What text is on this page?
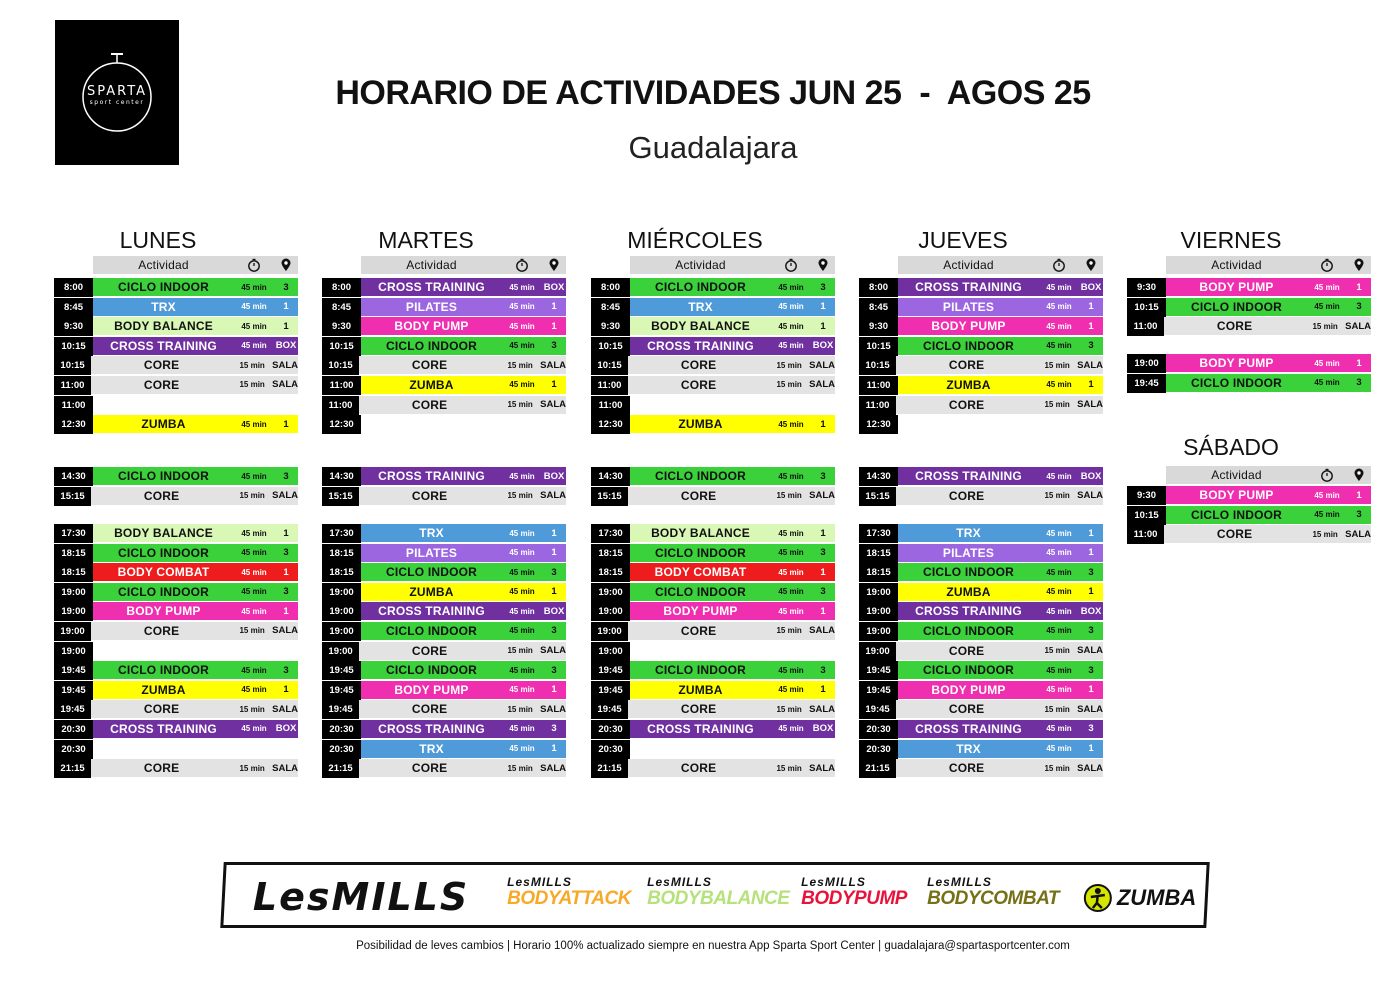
SPARTA
sport center	HORARIO DE ACTIVIDADES JUN 25  -  AGOS 25
Guadalajara
LUNES
Actividad
8:00	CICLO INDOOR	45 min	3
8:45	TRX	45 min	1
9:30	BODY BALANCE	45 min	1
10:15	CROSS TRAINING	45 min BOX
10:15	CORE	15 min SALA
11:00	CORE	15 min SALA
11:00
12:30	ZUMBA	45 min	1
14:30	CICLO INDOOR	45 min	3
15:15	CORE	15 min SALA
17:30	BODY BALANCE	45 min	1
18:15	CICLO INDOOR	45 min	3
18:15	BODY COMBAT	45 min	1
19:00	CICLO INDOOR	45 min	3
19:00	BODY PUMP	45 min	1
19:00	CORE	15 min SALA
19:00
19:45	CICLO INDOOR	45 min	3
19:45	ZUMBA	45 min	1
19:45	CORE	15 min SALA
20:30	CROSS TRAINING	45 min BOX
20:30
21:15	CORE	15 min SALA
MARTES
Actividad
8:00	CROSS TRAINING	45 min BOX
8:45	PILATES	45 min	1
9:30	BODY PUMP	45 min	1
10:15	CICLO INDOOR	45 min	3
10:15	CORE	15 min SALA
11:00	ZUMBA	45 min	1
11:00	CORE	15 min SALA
12:30
14:30	CROSS TRAINING	45 min BOX
15:15	CORE	15 min SALA
17:30	TRX	45 min	1
18:15	PILATES	45 min	1
18:15	CICLO INDOOR	45 min	3
19:00	ZUMBA	45 min	1
19:00	CROSS TRAINING	45 min BOX
19:00	CICLO INDOOR	45 min	3
19:00	CORE	15 min SALA
19:45	CICLO INDOOR	45 min	3
19:45	BODY PUMP	45 min	1
19:45	CORE	15 min SALA
20:30	CROSS TRAINING	45 min	3
20:30	TRX	45 min	1
21:15	CORE	15 min SALA
MIÉRCOLES
Actividad
8:00	CICLO INDOOR	45 min	3
8:45	TRX	45 min	1
9:30	BODY BALANCE	45 min	1
10:15	CROSS TRAINING	45 min BOX
10:15	CORE	15 min SALA
11:00	CORE	15 min SALA
11:00
12:30	ZUMBA	45 min	1
14:30	CICLO INDOOR	45 min	3
15:15	CORE	15 min SALA
17:30	BODY BALANCE	45 min	1
18:15	CICLO INDOOR	45 min	3
18:15	BODY COMBAT	45 min	1
19:00	CICLO INDOOR	45 min	3
19:00	BODY PUMP	45 min	1
19:00	CORE	15 min SALA
19:00
19:45	CICLO INDOOR	45 min	3
19:45	ZUMBA	45 min	1
19:45	CORE	15 min SALA
20:30	CROSS TRAINING	45 min BOX
20:30
21:15	CORE	15 min SALA
JUEVES
Actividad
8:00	CROSS TRAINING	45 min BOX
8:45	PILATES	45 min	1
9:30	BODY PUMP	45 min	1
10:15	CICLO INDOOR	45 min	3
10:15	CORE	15 min SALA
11:00	ZUMBA	45 min	1
11:00	CORE	15 min SALA
12:30
14:30	CROSS TRAINING	45 min BOX
15:15	CORE	15 min SALA
17:30	TRX	45 min	1
18:15	PILATES	45 min	1
18:15	CICLO INDOOR	45 min	3
19:00	ZUMBA	45 min	1
19:00	CROSS TRAINING	45 min BOX
19:00	CICLO INDOOR	45 min	3
19:00	CORE	15 min SALA
19:45	CICLO INDOOR	45 min	3
19:45	BODY PUMP	45 min	1
19:45	CORE	15 min SALA
20:30	CROSS TRAINING	45 min	3
20:30	TRX	45 min	1
21:15	CORE	15 min SALA
VIERNES
Actividad
9:30	BODY PUMP	45 min	1
10:15	CICLO INDOOR	45 min	3
11:00	CORE	15 min SALA
19:00	BODY PUMP	45 min	1
19:45	CICLO INDOOR	45 min	3
SÁBADO
Actividad
9:30	BODY PUMP	45 min	1
10:15	CICLO INDOOR	45 min	3
11:00	CORE	15 min SALA
LesMILLS	LesMILLS
BODYATTACK
LesMILLS
BODYBALANCE
LesMILLS
BODYPUMP
LesMILLS
BODYCOMBAT	ZUMBA
Posibilidad de leves cambios | Horario 100% actualizado siempre en nuestra App Sparta Sport Center | guadalajara@spartasportcenter.com
